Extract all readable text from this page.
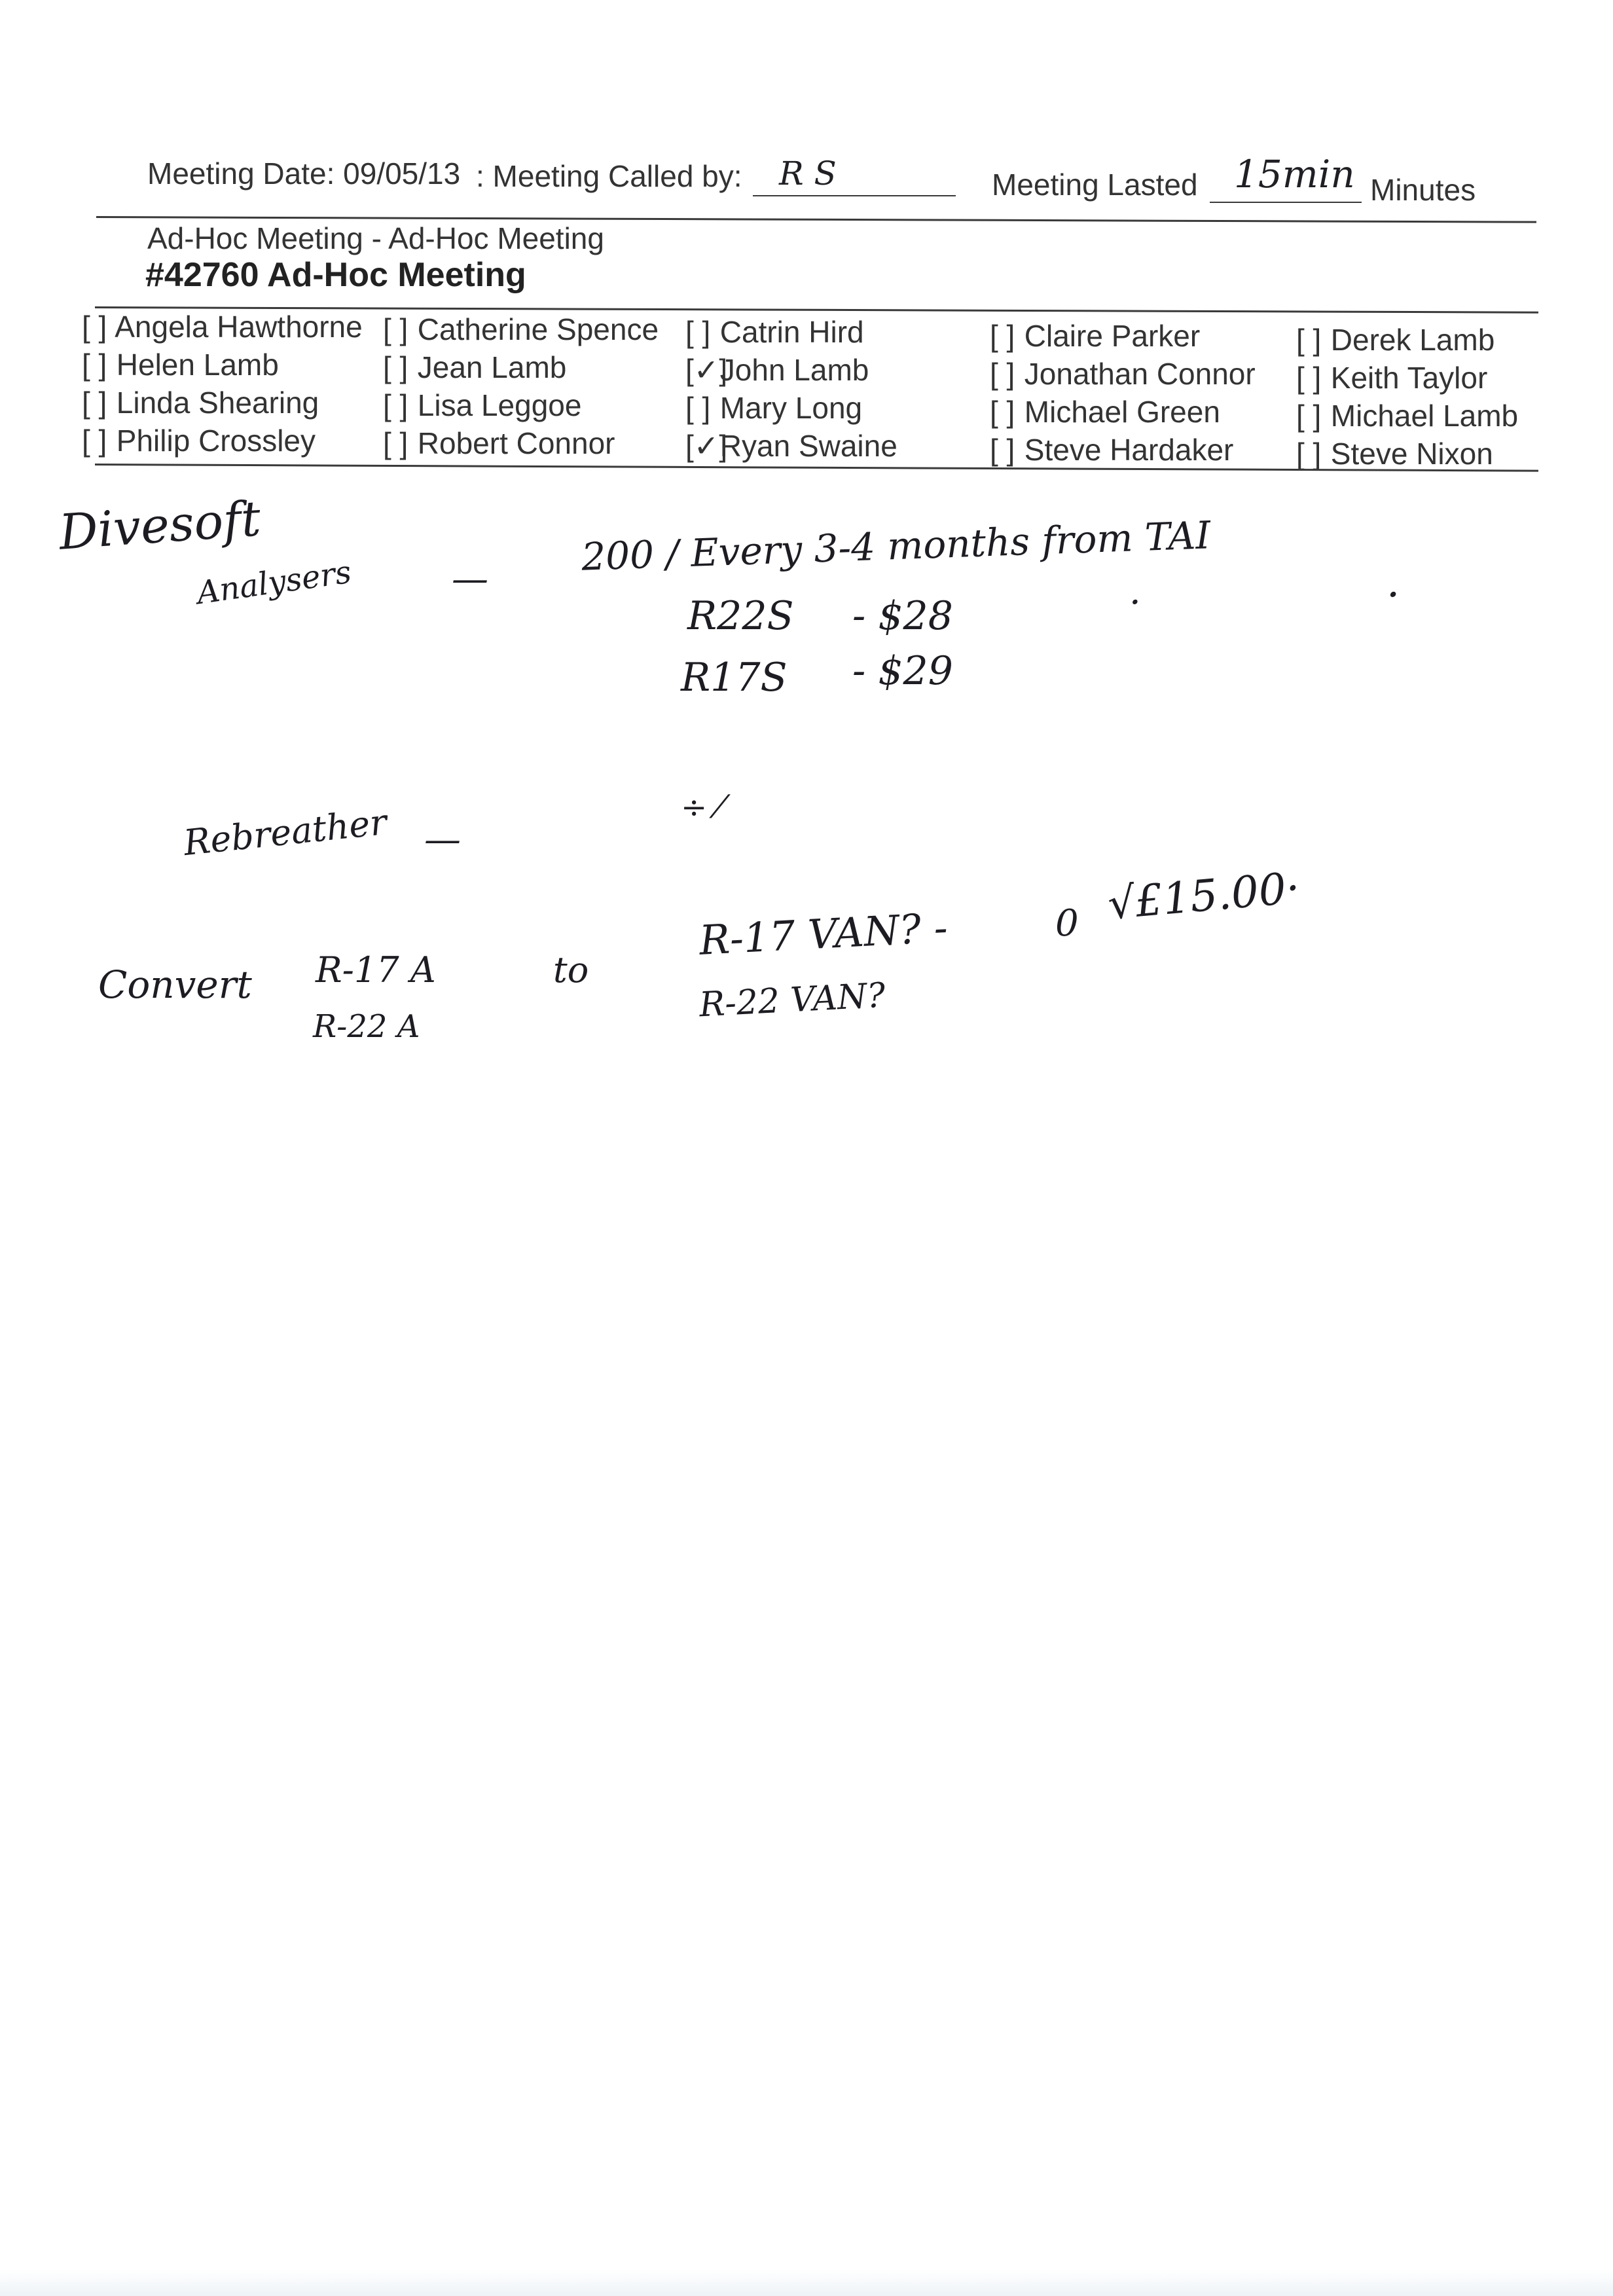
Meeting Date: 09/05/13 : Meeting Called by: R S	Meeting Lasted 15min Minutes
Ad-Hoc Meeting - Ad-Hoc Meeting
#42760 Ad-Hoc Meeting
[ ] Angela Hawthorne
[ ] Helen Lamb
[ ] Linda Shearing
[ ] Philip Crossley
[ ] Catherine Spence
[ ] Jean Lamb
[ ] Lisa Leggoe
[ ] Robert Connor
[ ] Catrin Hird
[✓] John Lamb
[ ] Mary Long
[✓] Ryan Swaine
[ ] Claire Parker
[ ] Jonathan Connor
[ ] Michael Green
[ ] Steve Hardaker
[ ] Derek Lamb
[ ] Keith Taylor
[ ] Michael Lamb
[ ] Steve Nixon
Divesoft
Analysers	— 200 / Every 3-4 months from TAI
R22S - $28	·	·
R17S - $29
Rebreather —
÷ ⁄
Convert R-17 A
R-22 A
to
R-17 VAN? -	0 √£15.00·
R-22 VAN?
